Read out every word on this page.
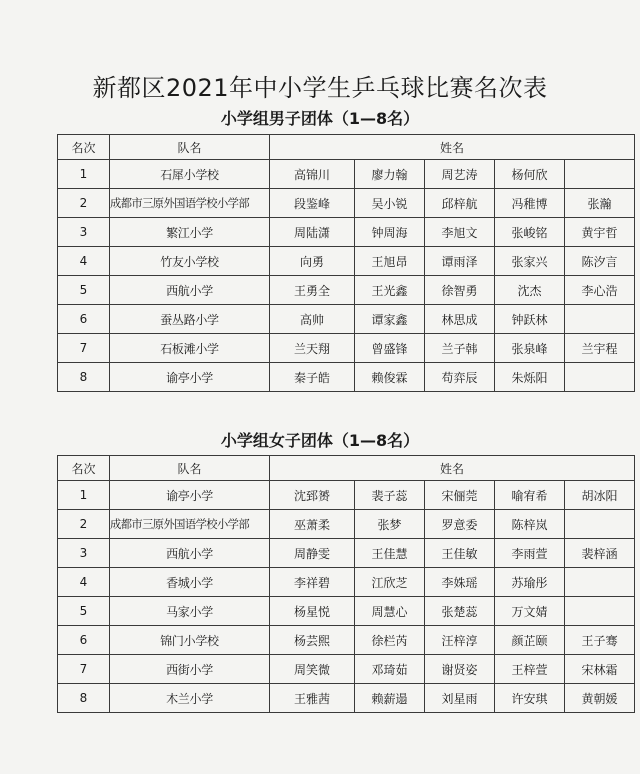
新都区2021年中小学生乒乓球比赛名次表
小学组男子团体（1—8名）
名次	队名	姓名				
1	石犀小学校	高锦川	廖力翰	周艺涛	杨何欣	
2	成都市三原外国语学校小学部	段鉴峰	吴小锐	邱梓航	冯稚博	张瀚
3	繁江小学	周陆潇	钟周海	李旭文	张峻铭	黄宇哲
4	竹友小学校	向勇	王旭昂	谭雨泽	张家兴	陈汐言
5	西航小学	王勇全	王光鑫	徐智勇	沈杰	李心浩
6	蚕丛路小学	高帅	谭家鑫	林思成	钟跃林	
7	石板滩小学	兰天翔	曾盛锋	兰子韩	张泉峰	兰宇程
8	谕亭小学	秦子皓	赖俊霖	苟弈辰	朱烁阳	
小学组女子团体（1—8名）
名次	队名	姓名				
1	谕亭小学	沈郅赟	裴子蕊	宋俪莞	喻宥希	胡冰阳
2	成都市三原外国语学校小学部	巫萧柔	张梦	罗意委	陈梓岚	
3	西航小学	周静雯	王佳慧	王佳敏	李雨萱	裴梓涵
4	香城小学	李祥碧	江欣芝	李姝瑶	苏瑜彤	
5	马家小学	杨星悦	周慧心	张楚蕊	万文婧	
6	锦门小学校	杨芸熙	徐栏芮	汪梓淳	颜芷颐	王子骞
7	西街小学	周笑微	邓琦茹	谢贤姿	王梓萱	宋林霜
8	木兰小学	王雅茜	赖薪遢	刘星雨	许安琪	黄朝媛
